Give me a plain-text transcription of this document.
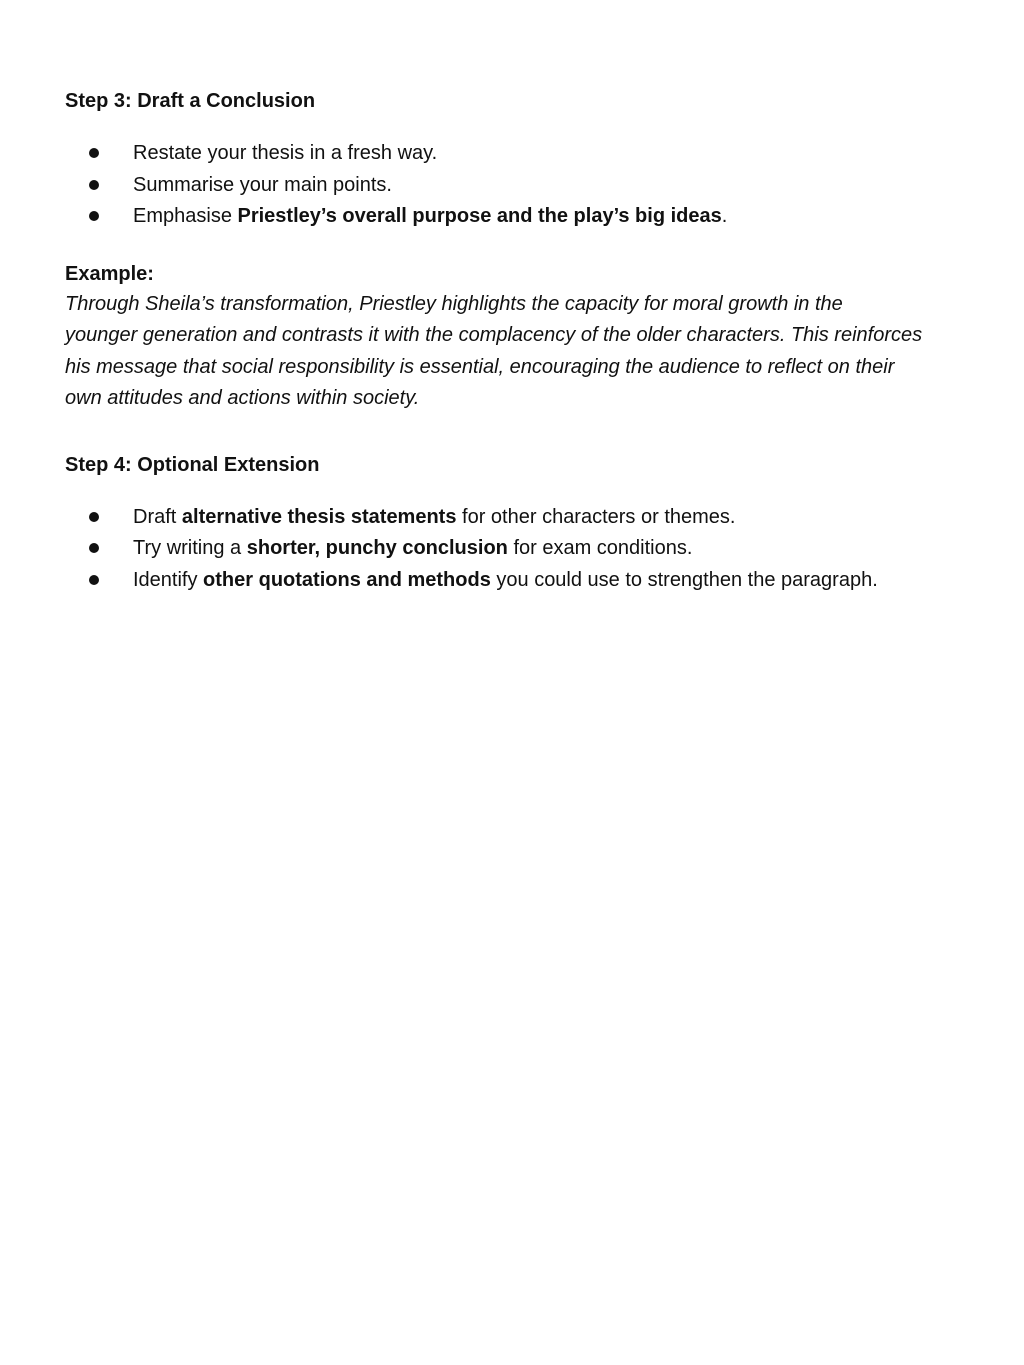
Step 3: Draft a Conclusion

Restate your thesis in a fresh way.
Summarise your main points.
Emphasise Priestley’s overall purpose and the play’s big ideas.

Example:

Through Sheila’s transformation, Priestley highlights the capacity for moral growth in the
younger generation and contrasts it with the complacency of the older characters. This reinforces
his message that social responsibility is essential, encouraging the audience to reflect on their
own attitudes and actions within society.

Step 4: Optional Extension

Draft alternative thesis statements for other characters or themes.
Try writing a shorter, punchy conclusion for exam conditions.
Identify other quotations and methods you could use to strengthen the paragraph.
